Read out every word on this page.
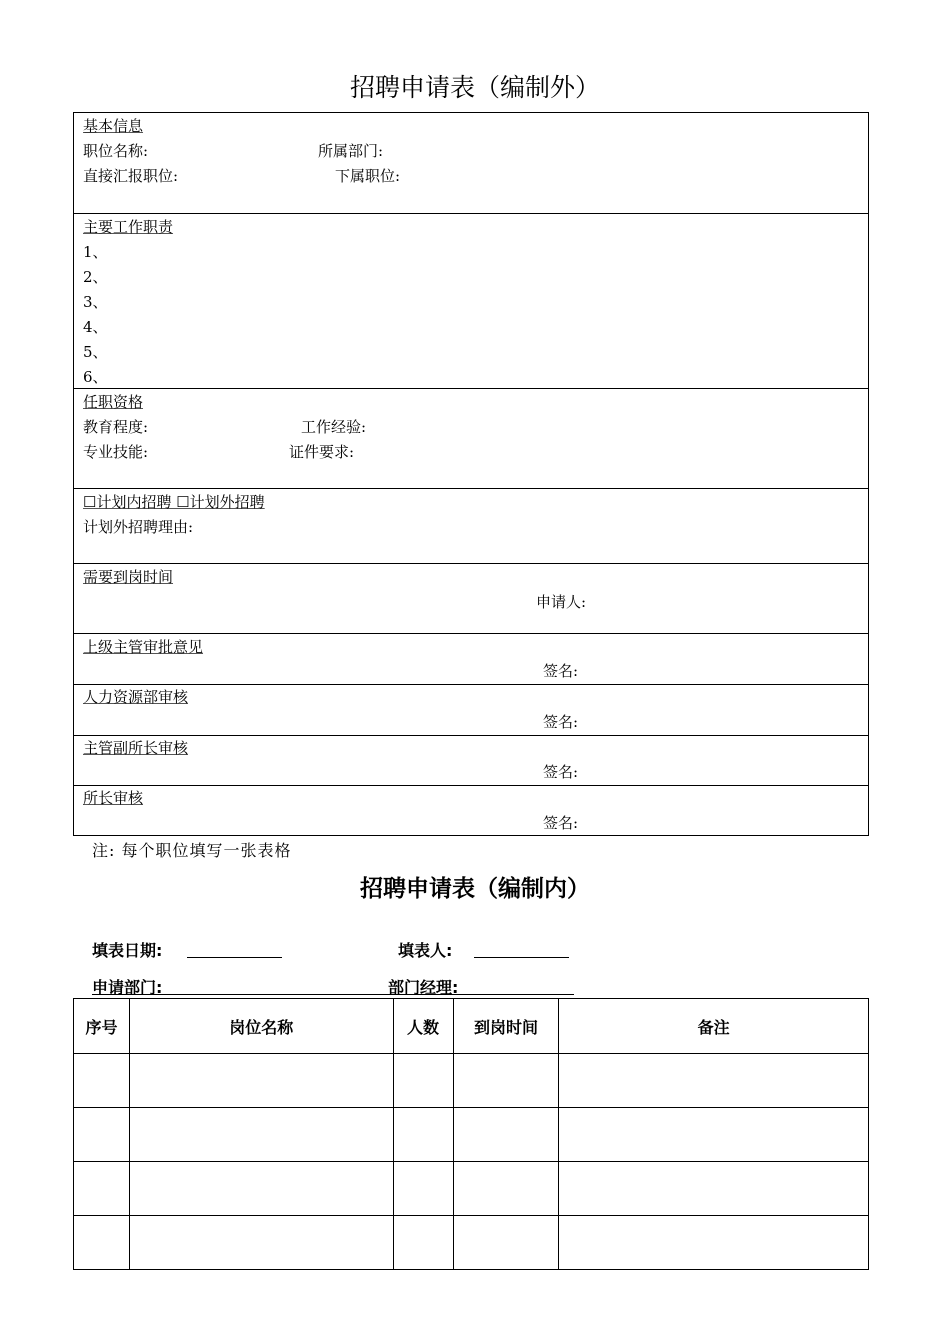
招聘申请表（编制外）
基本信息
职位名称:	所属部门:
直接汇报职位:	下属职位:
主要工作职责
1、
2、
3、
4、
5、
6、
任职资格
教育程度:	工作经验:
专业技能:	证件要求:
☐计划内招聘 ☐计划外招聘
计划外招聘理由:
需要到岗时间
申请人:
上级主管审批意见
签名:
人力资源部审核
签名:
主管副所长审核
签名:
所长审核
签名:
注: 每个职位填写一张表格
招聘申请表（编制内）
填表日期:	填表人:
申请部门:	部门经理:
序号	岗位名称	人数	到岗时间	备注
